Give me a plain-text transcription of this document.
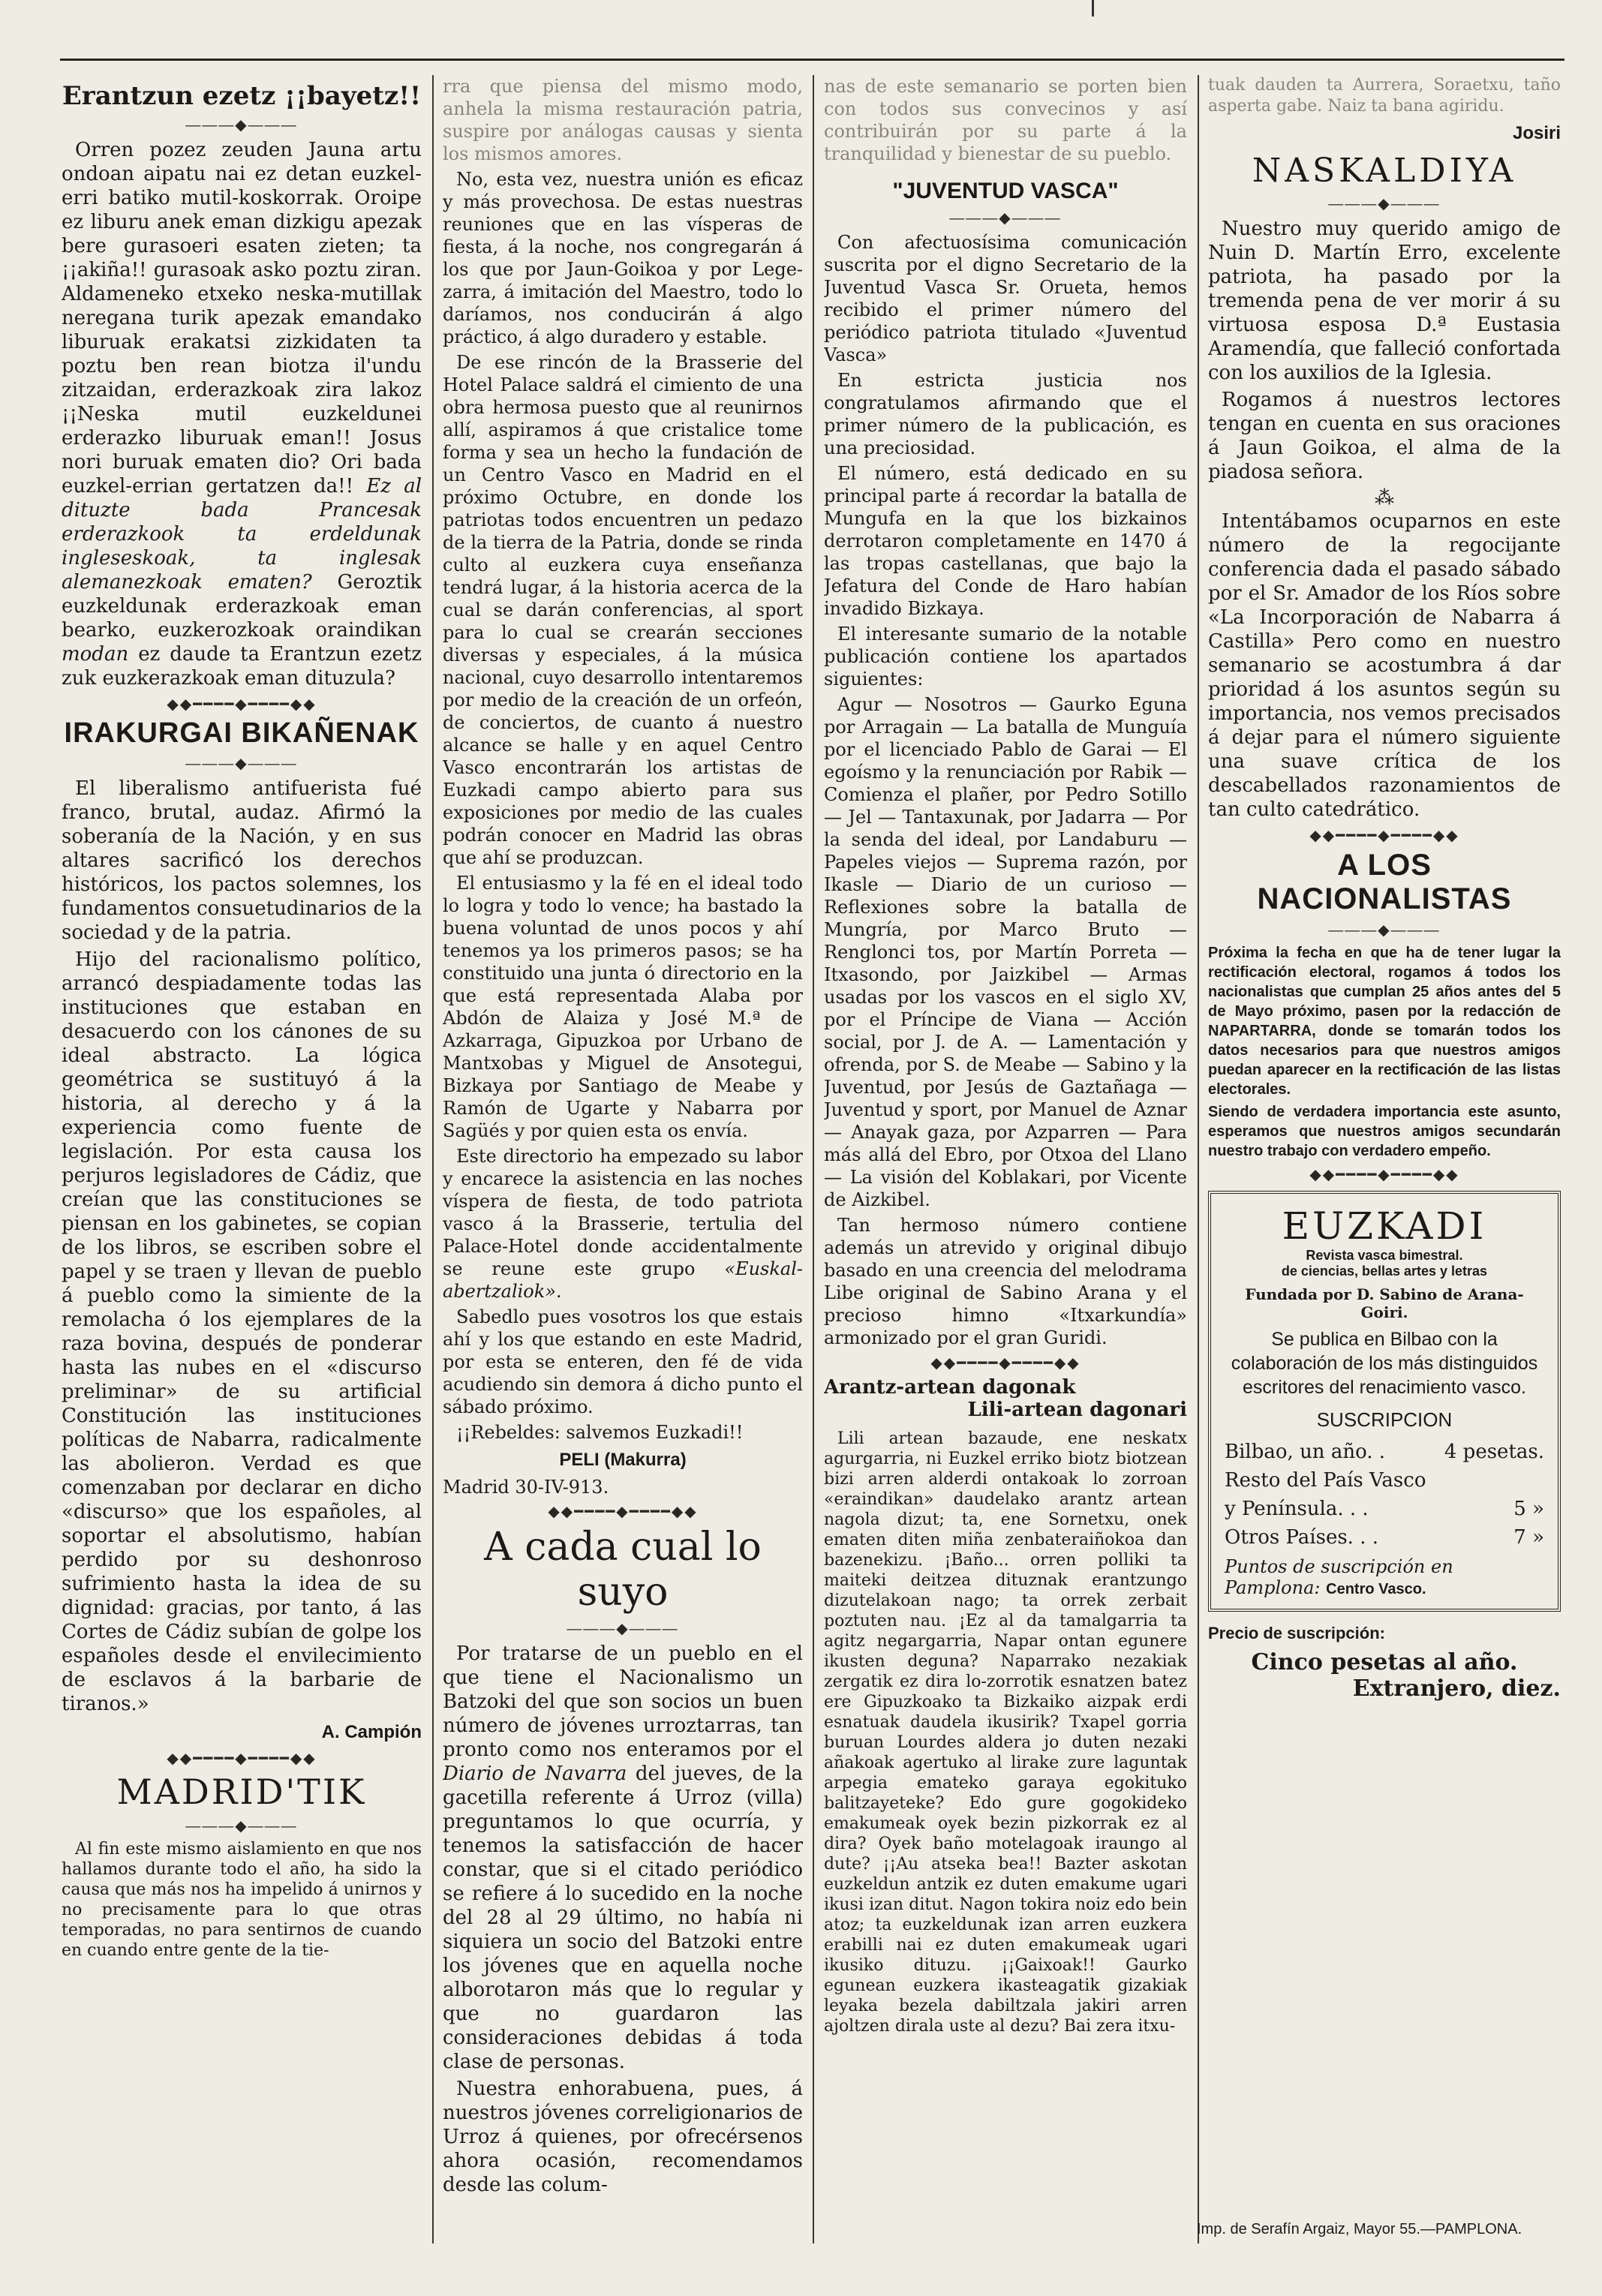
Erantzun ezetz ¡¡bayetz!!
―――◆―――

Orren pozez zeuden Jauna artu ondoan aipatu nai ez detan euzkel-erri batiko mutil-koskorrak. Oroipe ez liburu anek eman dizkigu apezak bere gurasoeri esaten zieten; ta ¡¡akiña!! gurasoak asko poztu ziran. Aldameneko etxeko neska-mutillak neregana turik apezak emandako liburuak erakatsi zizkidaten ta poztu ben rean biotza il'undu zitzaidan, erderazkoak zira lakoz ¡¡Neska mutil euzkeldunei erderazko liburuak eman!! Josus nori buruak ematen dio? Ori bada euzkel-errian gertatzen da!! Ez al dituzte bada Prancesak erderazkook ta erdeldunak ingleseskoak, ta inglesak alemanezkoak ematen? Geroztik euzkeldunak erderazkoak eman bearko, euzkerozkoak oraindikan modan ez daude ta Erantzun ezetz zuk euzkerazkoak eman dituzula?

◆◆━━━━◆━━━━◆◆
IRAKURGAI BIKAÑENAK
―――◆―――

El liberalismo antifuerista fué franco, brutal, audaz. Afirmó la soberanía de la Nación, y en sus altares sacrificó los derechos históricos, los pactos solemnes, los fundamentos consuetudinarios de la sociedad y de la patria.

Hijo del racionalismo político, arrancó despiadamente todas las instituciones que estaban en desacuerdo con los cánones de su ideal abstracto. La lógica geométrica se sustituyó á la historia, al derecho y á la experiencia como fuente de legislación. Por esta causa los perjuros legisladores de Cádiz, que creían que las constituciones se piensan en los gabinetes, se copian de los libros, se escriben sobre el papel y se traen y llevan de pueblo á pueblo como la simiente de la remolacha ó los ejemplares de la raza bovina, después de ponderar hasta las nubes en el «discurso preliminar» de su artificial Constitución las instituciones políticas de Nabarra, radicalmente las abolieron. Verdad es que comenzaban por declarar en dicho «discurso» que los españoles, al soportar el absolutismo, habían perdido por su deshonroso sufrimiento hasta la idea de su dignidad: gracias, por tanto, á las Cortes de Cádiz subían de golpe los españoles desde el envilecimiento de esclavos á la barbarie de tiranos.»

A. Campión
◆◆━━━━◆━━━━◆◆
MADRID'TIK
―――◆―――

Al fin este mismo aislamiento en que nos hallamos durante todo el año, ha sido la causa que más nos ha impelido á unirnos y no precisamente para lo que otras temporadas, no para sentirnos de cuando en cuando entre gente de la tie-

rra que piensa del mismo modo, anhela la misma restauración patria, suspire por análogas causas y sienta los mismos amores.

No, esta vez, nuestra unión es eficaz y más provechosa. De estas nuestras reuniones que en las vísperas de fiesta, á la noche, nos congregarán á los que por Jaun-Goikoa y por Lege-zarra, á imitación del Maestro, todo lo daríamos, nos conducirán á algo práctico, á algo duradero y estable.

De ese rincón de la Brasserie del Hotel Palace saldrá el cimiento de una obra hermosa puesto que al reunirnos allí, aspiramos á que cristalice tome forma y sea un hecho la fundación de un Centro Vasco en Madrid en el próximo Octubre, en donde los patriotas todos encuentren un pedazo de la tierra de la Patria, donde se rinda culto al euzkera cuya enseñanza tendrá lugar, á la historia acerca de la cual se darán conferencias, al sport para lo cual se crearán secciones diversas y especiales, á la música nacional, cuyo desarrollo intentaremos por medio de la creación de un orfeón, de conciertos, de cuanto á nuestro alcance se halle y en aquel Centro Vasco encontrarán los artistas de Euzkadi campo abierto para sus exposiciones por medio de las cuales podrán conocer en Madrid las obras que ahí se produzcan.

El entusiasmo y la fé en el ideal todo lo logra y todo lo vence; ha bastado la buena voluntad de unos pocos y ahí tenemos ya los primeros pasos; se ha constituido una junta ó directorio en la que está representada Alaba por Abdón de Alaiza y José M.ª de Azkarraga, Gipuzkoa por Urbano de Mantxobas y Miguel de Ansotegui, Bizkaya por Santiago de Meabe y Ramón de Ugarte y Nabarra por Sagüés y por quien esta os envía.

Este directorio ha empezado su labor y encarece la asistencia en las noches víspera de fiesta, de todo patriota vasco á la Brasserie, tertulia del Palace-Hotel donde accidentalmente se reune este grupo «Euskal-abertzaliok».

Sabedlo pues vosotros los que estais ahí y los que estando en este Madrid, por esta se enteren, den fé de vida acudiendo sin demora á dicho punto el sábado próximo.

¡¡Rebeldes: salvemos Euzkadi!!

PELI (Makurra)
Madrid 30-IV-913.
◆◆━━━━◆━━━━◆◆
A cada cual lo suyo
―――◆―――

Por tratarse de un pueblo en el que tiene el Nacionalismo un Batzoki del que son socios un buen número de jóvenes urroztarras, tan pronto como nos enteramos por el Diario de Navarra del jueves, de la gacetilla referente á Urroz (villa) preguntamos lo que ocurría, y tenemos la satisfacción de hacer constar, que si el citado periódico se refiere á lo sucedido en la noche del 28 al 29 último, no había ni siquiera un socio del Batzoki entre los jóvenes que en aquella noche alborotaron más que lo regular y que no guardaron las consideraciones debidas á toda clase de personas.

Nuestra enhorabuena, pues, á nuestros jóvenes correligionarios de Urroz á quienes, por ofrecérsenos ahora ocasión, recomendamos desde las colum-

nas de este semanario se porten bien con todos sus convecinos y así contribuirán por su parte á la tranquilidad y bienestar de su pueblo.

"JUVENTUD VASCA"
―――◆―――

Con afectuosísima comunicación suscrita por el digno Secretario de la Juventud Vasca Sr. Orueta, hemos recibido el primer número del periódico patriota titulado «Juventud Vasca»

En estricta justicia nos congratulamos afirmando que el primer número de la publicación, es una preciosidad.

El número, está dedicado en su principal parte á recordar la batalla de Mungufa en la que los bizkainos derrotaron completamente en 1470 á las tropas castellanas, que bajo la Jefatura del Conde de Haro habían invadido Bizkaya.

El interesante sumario de la notable publicación contiene los apartados siguientes:

Agur — Nosotros — Gaurko Eguna por Arragain — La batalla de Munguía por el licenciado Pablo de Garai — El egoísmo y la renunciación por Rabik — Comienza el plañer, por Pedro Sotillo — Jel — Tantaxunak, por Jadarra — Por la senda del ideal, por Landaburu — Papeles viejos — Suprema razón, por Ikasle — Diario de un curioso — Reflexiones sobre la batalla de Mungría, por Marco Bruto — Renglonci tos, por Martín Porreta — Itxasondo, por Jaizkibel — Armas usadas por los vascos en el siglo XV, por el Príncipe de Viana — Acción social, por J. de A. — Lamentación y ofrenda, por S. de Meabe — Sabino y la Juventud, por Jesús de Gaztañaga — Juventud y sport, por Manuel de Aznar — Anayak gaza, por Azparren — Para más allá del Ebro, por Otxoa del Llano — La visión del Koblakari, por Vicente de Aizkibel.

Tan hermoso número contiene además un atrevido y original dibujo basado en una creencia del melodrama Libe original de Sabino Arana y el precioso himno «Itxarkundía» armonizado por el gran Guridi.

◆◆━━━━◆━━━━◆◆
Arantz-artean dagonak
Lili-artean dagonari

Lili artean bazaude, ene neskatx agurgarria, ni Euzkel erriko biotz biotzean bizi arren alderdi ontakoak lo zorroan «eraindikan» daudelako arantz artean nagola dizut; ta, ene Sornetxu, onek ematen diten miña zenbateraiñokoa dan bazenekizu. ¡Baño... orren polliki ta maiteki deitzea dituznak erantzungo dizutelakoan nago; ta orrek zerbait poztuten nau. ¡Ez al da tamalgarria ta agitz negargarria, Napar ontan egunere ikusten deguna? Naparrako nezakiak zergatik ez dira lo-zorrotik esnatzen batez ere Gipuzkoako ta Bizkaiko aizpak erdi esnatuak daudela ikusirik? Txapel gorria buruan Lourdes aldera jo duten nezaki añakoak agertuko al lirake zure laguntak arpegia emateko garaya egokituko balitzayeteke? Edo gure gogokideko emakumeak oyek bezin pizkorrak ez al dira? Oyek baño motelagoak iraungo al dute? ¡¡Au atseka bea!! Bazter askotan euzkeldun antzik ez duten emakume ugari ikusi izan ditut. Nagon tokira noiz edo bein atoz; ta euzkeldunak izan arren euzkera erabilli nai ez duten emakumeak ugari ikusiko dituzu. ¡¡Gaixoak!! Gaurko egunean euzkera ikasteagatik gizakiak leyaka bezela dabiltzala jakiri arren ajoltzen dirala uste al dezu? Bai zera itxu-

tuak dauden ta Aurrera, Soraetxu, taño asperta gabe. Naiz ta bana agiridu.

Josiri
NASKALDIYA
―――◆―――

Nuestro muy querido amigo de Nuin D. Martín Erro, excelente patriota, ha pasado por la tremenda pena de ver morir á su virtuosa esposa D.ª Eustasia Aramendía, que falleció confortada con los auxilios de la Iglesia.

Rogamos á nuestros lectores tengan en cuenta en sus oraciones á Jaun Goikoa, el alma de la piadosa señora.

⁂

Intentábamos ocuparnos en este número de la regocijante conferencia dada el pasado sábado por el Sr. Amador de los Ríos sobre «La Incorporación de Nabarra á Castilla» Pero como en nuestro semanario se acostumbra á dar prioridad á los asuntos según su importancia, nos vemos precisados á dejar para el número siguiente una suave crítica de los descabellados razonamientos de tan culto catedrático.

◆◆━━━━◆━━━━◆◆
A LOS NACIONALISTAS
―――◆―――

Próxima la fecha en que ha de tener lugar la rectificación electoral, rogamos á todos los nacionalistas que cumplan 25 años antes del 5 de Mayo próximo, pasen por la redacción de NAPARTARRA, donde se tomarán todos los datos necesarios para que nuestros amigos puedan aparecer en la rectificación de las listas electorales.

Siendo de verdadera importancia este asunto, esperamos que nuestros amigos secundarán nuestro trabajo con verdadero empeño.

◆◆━━━━◆━━━━◆◆
EUZKADI
Revista vasca bimestral.
de ciencias, bellas artes y letras
Fundada por D. Sabino de Arana-Goiri.
Se publica en Bilbao con la colaboración de los más distinguidos escritores del renacimiento vasco.
SUSCRIPCION
Bilbao, un año. .	4 pesetas.
Resto del País Vasco
y Península. . .	5 »
Otros Países. . .	7 »
Puntos de suscripción en Pamplona: Centro Vasco.
Precio de suscripción:
Cinco pesetas al año.
Extranjero, diez.
Imp. de Serafín Argaiz, Mayor 55.—PAMPLONA.
